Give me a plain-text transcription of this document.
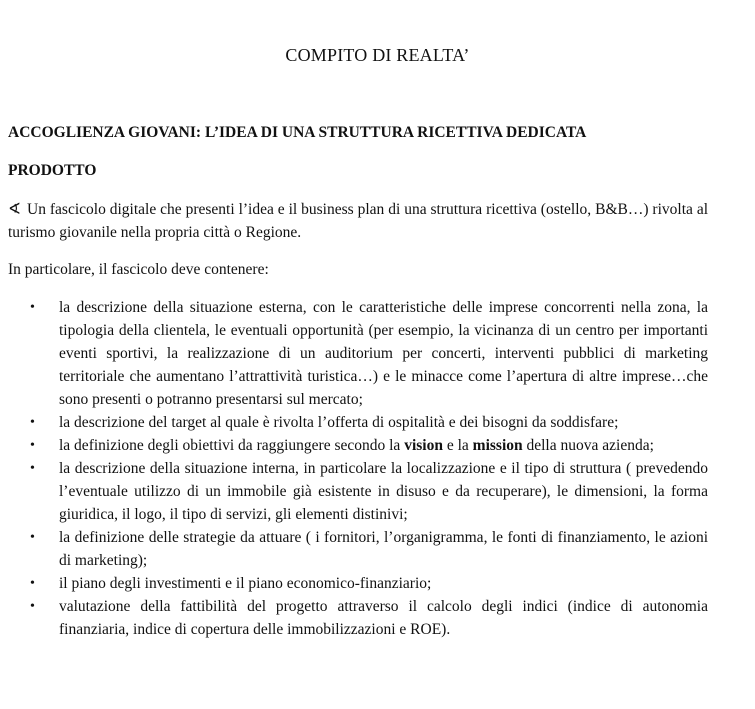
COMPITO DI REALTA’
ACCOGLIENZA GIOVANI: L’IDEA DI UNA STRUTTURA RICETTIVA DEDICATA
PRODOTTO
∢ Un fascicolo digitale che presenti l’idea e il business plan di una struttura ricettiva (ostello, B&B…) rivolta al turismo giovanile nella propria città o Regione.
In particolare, il fascicolo deve contenere:
• la descrizione della situazione esterna, con le caratteristiche delle imprese concorrenti nella zona, la tipologia della clientela, le eventuali opportunità (per esempio, la vicinanza di un centro per importanti eventi sportivi, la realizzazione di un auditorium per concerti, interventi pubblici di marketing territoriale che aumentano l’attrattività turistica…) e le minacce come l’apertura di altre imprese…che sono presenti o potranno presentarsi sul mercato;
• la descrizione del target al quale è rivolta l’offerta di ospitalità e dei bisogni da soddisfare;
• la definizione degli obiettivi da raggiungere secondo la vision e la mission della nuova azienda;
• la descrizione della situazione interna, in particolare la localizzazione e il tipo di struttura ( prevedendo l’eventuale utilizzo di un immobile già esistente in disuso e da recuperare), le dimensioni, la forma giuridica, il logo, il tipo di servizi, gli elementi distinivi;
• la definizione delle strategie da attuare ( i fornitori, l’organigramma, le fonti di finanziamento, le azioni di marketing);
• il piano degli investimenti e il piano economico-finanziario;
• valutazione della fattibilità del progetto attraverso il calcolo degli indici (indice di autonomia finanziaria, indice di copertura delle immobilizzazioni e ROE).
